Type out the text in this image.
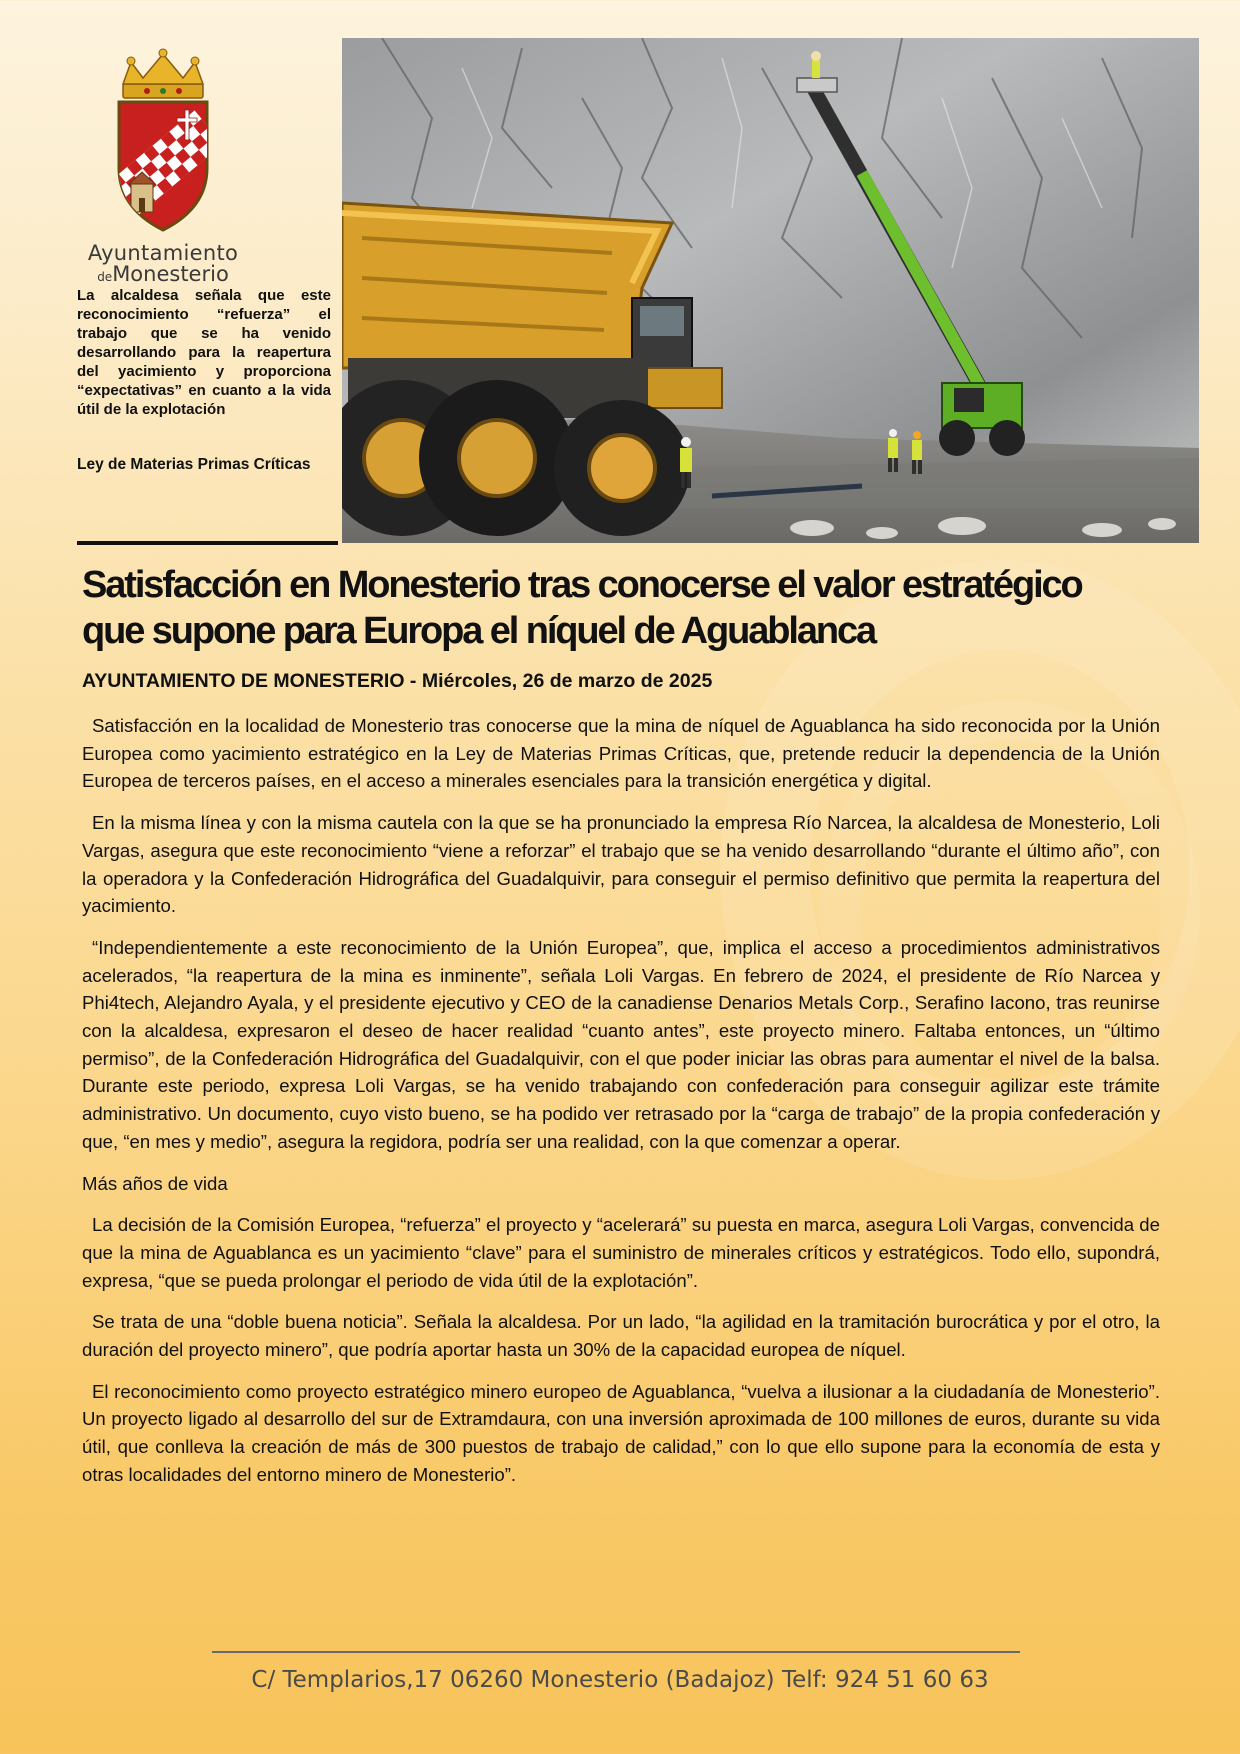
Ayuntamiento
deMonesterio
La alcaldesa señala que este reconocimiento “refuerza” el trabajo que se ha venido desarrollando para la reapertura del yacimiento y proporciona “expectativas” en cuanto a la vida útil de la explotación
Ley de Materias Primas Críticas
Satisfacción en Monesterio tras conocerse el valor estratégico
que supone para Europa el níquel de Aguablanca
AYUNTAMIENTO DE MONESTERIO - Miércoles, 26 de marzo de 2025

Satisfacción en la localidad de Monesterio tras conocerse que la mina de níquel de Aguablanca ha sido reconocida por la Unión Europea como yacimiento estratégico en la Ley de Materias Primas Críticas, que, pretende reducir la dependencia de la Unión Europea de terceros países, en el acceso a minerales esenciales para la transición energética y digital.

En la misma línea y con la misma cautela con la que se ha pronunciado la empresa Río Narcea, la alcaldesa de Monesterio, Loli Vargas, asegura que este reconocimiento “viene a reforzar” el trabajo que se ha venido desarrollando “durante el último año”, con la operadora y la Confederación Hidrográfica del Guadalquivir, para conseguir el permiso definitivo que permita la reapertura del yacimiento.

“Independientemente a este reconocimiento de la Unión Europea”, que, implica el acceso a procedimientos administrativos acelerados, “la reapertura de la mina es inminente”, señala Loli Vargas. En febrero de 2024, el presidente de Río Narcea y Phi4tech, Alejandro Ayala, y el presidente ejecutivo y CEO de la canadiense Denarios Metals Corp., Serafino Iacono, tras reunirse con la alcaldesa, expresaron el deseo de hacer realidad “cuanto antes”, este proyecto minero. Faltaba entonces, un “último permiso”, de la Confederación Hidrográfica del Guadalquivir, con el que poder iniciar las obras para aumentar el nivel de la balsa. Durante este periodo, expresa Loli Vargas, se ha venido trabajando con confederación para conseguir agilizar este trámite administrativo. Un documento, cuyo visto bueno, se ha podido ver retrasado por la “carga de trabajo” de la propia confederación y que, “en mes y medio”, asegura la regidora, podría ser una realidad, con la que comenzar a operar.

Más años de vida

La decisión de la Comisión Europea, “refuerza” el proyecto y “acelerará” su puesta en marca, asegura Loli Vargas, convencida de que la mina de Aguablanca es un yacimiento “clave” para el suministro de minerales críticos y estratégicos. Todo ello, supondrá, expresa, “que se pueda prolongar el periodo de vida útil de la explotación”.

Se trata de una “doble buena noticia”. Señala la alcaldesa. Por un lado, “la agilidad en la tramitación burocrática y por el otro, la duración del proyecto minero”, que podría aportar hasta un 30% de la capacidad europea de níquel.

El reconocimiento como proyecto estratégico minero europeo de Aguablanca, “vuelva a ilusionar a la ciudadanía de Monesterio”. Un proyecto ligado al desarrollo del sur de Extramdaura, con una inversión aproximada de 100 millones de euros, durante su vida útil, que conlleva la creación de más de 300 puestos de trabajo de calidad,” con lo que ello supone para la economía de esta y otras localidades del entorno minero de Monesterio”.

C/ Templarios,17 06260 Monesterio (Badajoz) Telf: 924 51 60 63
